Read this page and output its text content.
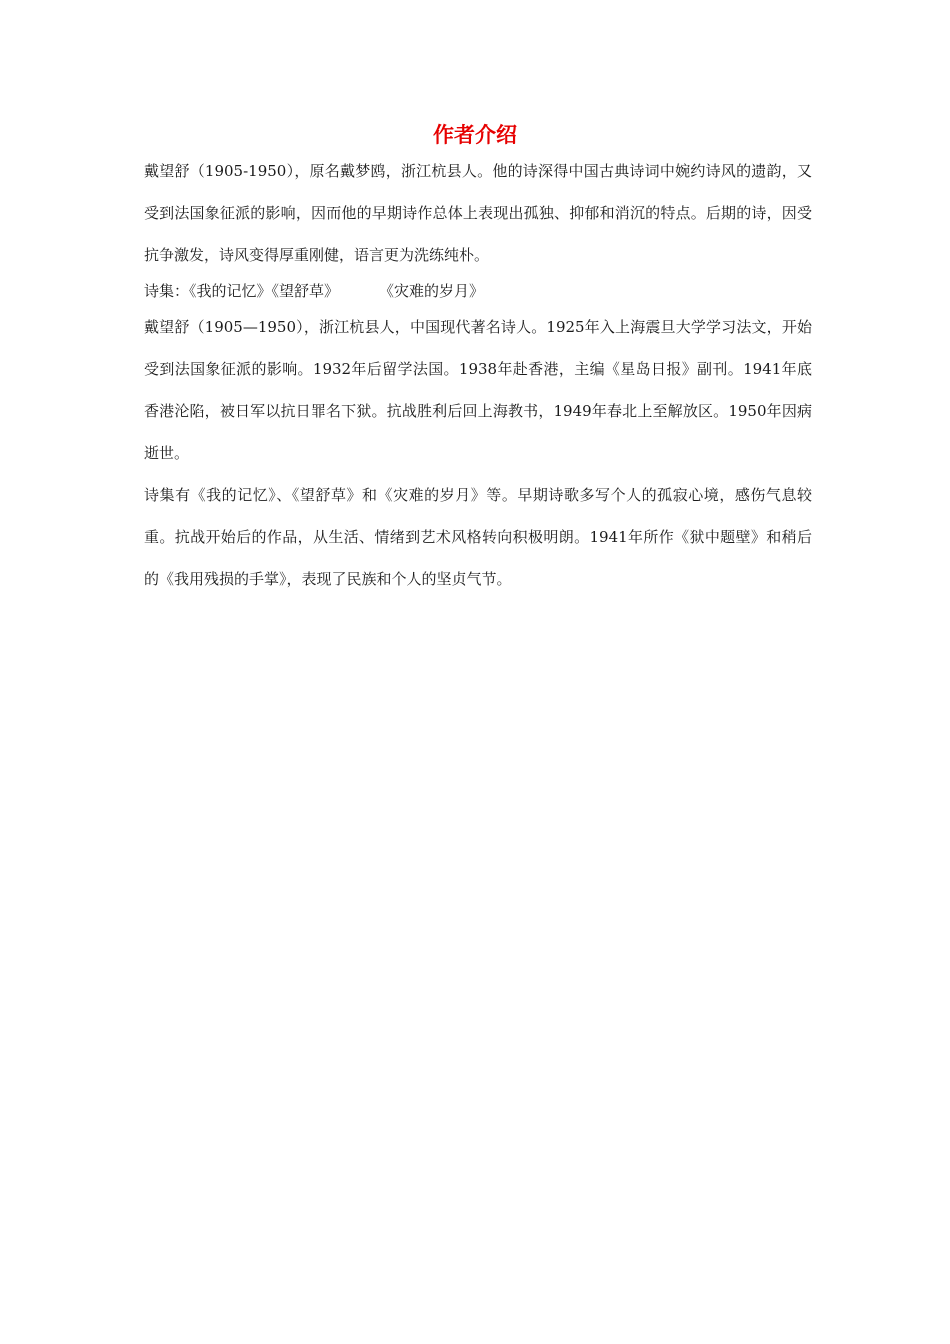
作者介绍

戴望舒（1905-1950），原名戴梦鸥，浙江杭县人。他的诗深得中国古典诗词中婉约诗风的遗韵，又受到法国象征派的影响，因而他的早期诗作总体上表现出孤独、抑郁和消沉的特点。后期的诗，因受抗争激发，诗风变得厚重刚健，语言更为洗练纯朴。

诗集：《我的记忆》《望舒草》	《灾难的岁月》

戴望舒（1905—1950），浙江杭县人，中国现代著名诗人。1925年入上海震旦大学学习法文，开始受到法国象征派的影响。1932年后留学法国。1938年赴香港，主编《星岛日报》副刊。1941年底香港沦陷，被日军以抗日罪名下狱。抗战胜利后回上海教书，1949年春北上至解放区。1950年因病逝世。

诗集有《我的记忆》、《望舒草》和《灾难的岁月》等。早期诗歌多写个人的孤寂心境，感伤气息较重。抗战开始后的作品，从生活、情绪到艺术风格转向积极明朗。1941年所作《狱中题壁》和稍后的《我用残损的手掌》，表现了民族和个人的坚贞气节。
